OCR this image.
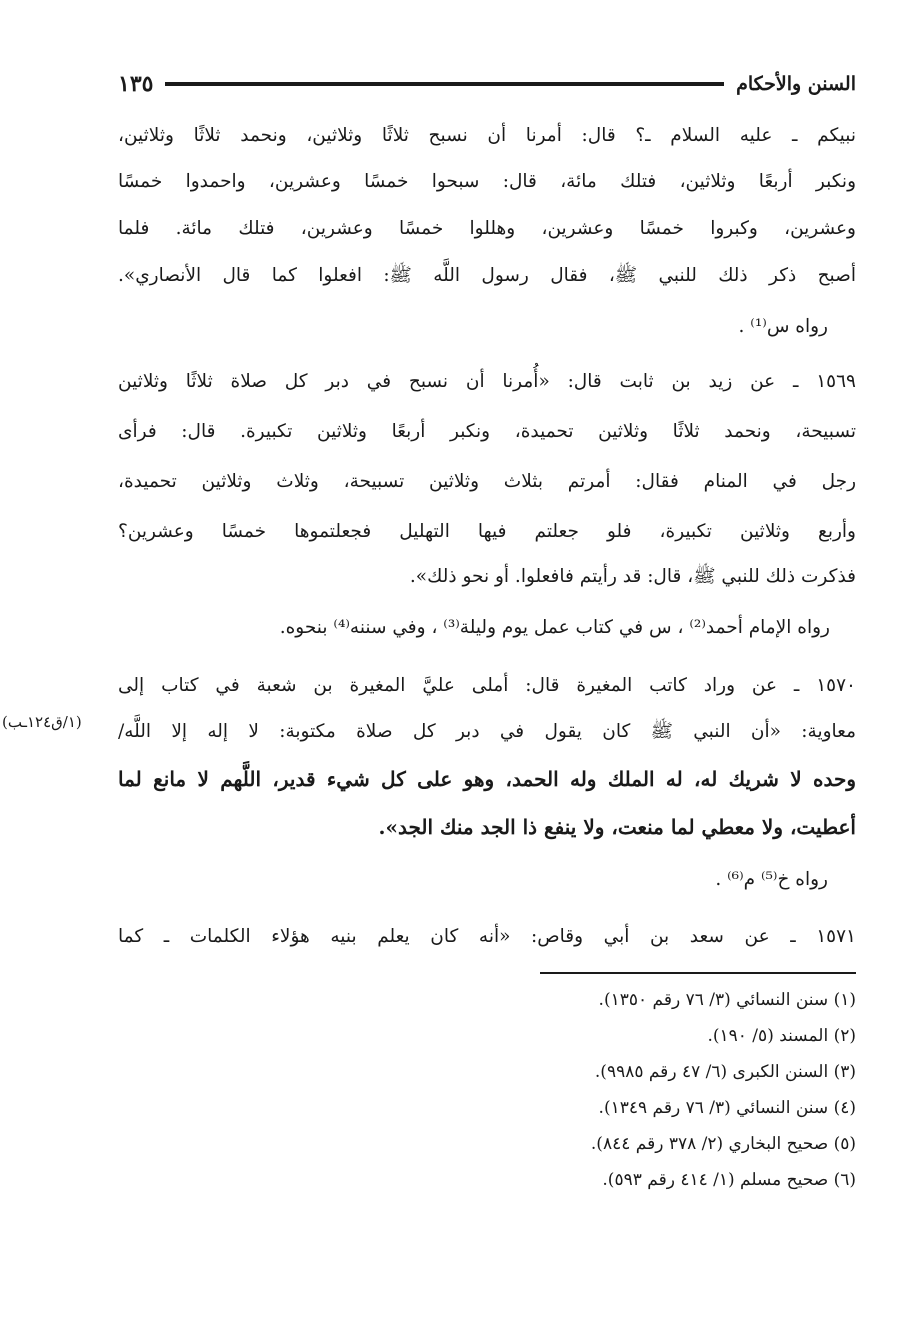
السنن والأحكام
١٣٥
نبيكم ـ عليه السلام ـ؟ قال: أمرنا أن نسبح ثلاثًا وثلاثين، ونحمد ثلاثًا وثلاثين،
ونكبر أربعًا وثلاثين، فتلك مائة، قال: سبحوا خمسًا وعشرين، واحمدوا خمسًا
وعشرين، وكبروا خمسًا وعشرين، وهللوا خمسًا وعشرين، فتلك مائة. فلما
أصبح ذكر ذلك للنبي ﷺ، فقال رسول اللَّه ﷺ: افعلوا كما قال الأنصاري».
رواه س⁽¹⁾ .
١٥٦٩ ـ عن زيد بن ثابت قال: «أُمرنا أن نسبح في دبر كل صلاة ثلاثًا وثلاثين
تسبيحة، ونحمد ثلاثًا وثلاثين تحميدة، ونكبر أربعًا وثلاثين تكبيرة. قال: فرأى
رجل في المنام فقال: أمرتم بثلاث وثلاثين تسبيحة، وثلاث وثلاثين تحميدة،
وأربع وثلاثين تكبيرة، فلو جعلتم فيها التهليل فجعلتموها خمسًا وعشرين؟
فذكرت ذلك للنبي ﷺ، قال: قد رأيتم فافعلوا. أو نحو ذلك».
رواه الإمام أحمد⁽²⁾ ، س في كتاب عمل يوم وليلة⁽³⁾ ، وفي سننه⁽⁴⁾ بنحوه.
١٥٧٠ ـ عن وراد كاتب المغيرة قال: أملى عليَّ المغيرة بن شعبة في كتاب إلى
معاوية: «أن النبي ﷺ كان يقول في دبر كل صلاة مكتوبة: لا إله إلا اللَّه/
(١/ق١٢٤ـب)
وحده لا شريك له، له الملك وله الحمد، وهو على كل شيء قدير، اللَّهم لا مانع لما
أعطيت، ولا معطي لما منعت، ولا ينفع ذا الجد منك الجد».
رواه خ⁽⁵⁾ م⁽⁶⁾ .
١٥٧١ ـ عن سعد بن أبي وقاص: «أنه كان يعلم بنيه هؤلاء الكلمات ـ كما
(١) سنن النسائي (٣/ ٧٦ رقم ١٣٥٠).
(٢) المسند (٥/ ١٩٠).
(٣) السنن الكبرى (٦/ ٤٧ رقم ٩٩٨٥).
(٤) سنن النسائي (٣/ ٧٦ رقم ١٣٤٩).
(٥) صحيح البخاري (٢/ ٣٧٨ رقم ٨٤٤).
(٦) صحيح مسلم (١/ ٤١٤ رقم ٥٩٣).
